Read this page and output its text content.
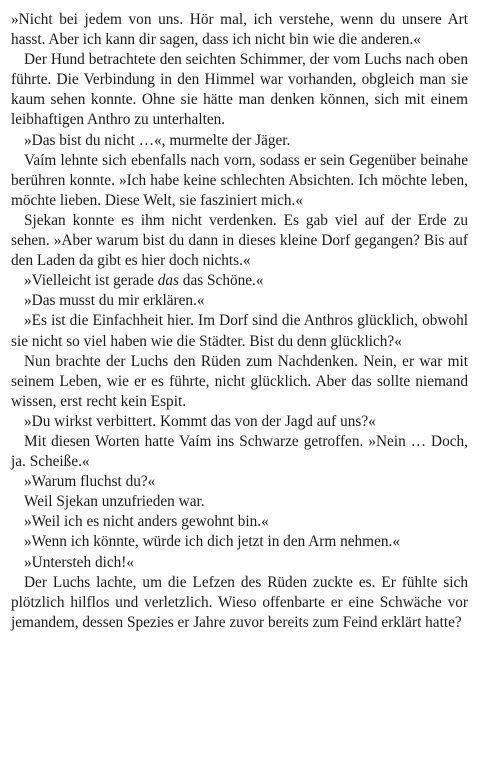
»Nicht bei jedem von uns. Hör mal, ich verstehe, wenn du unsere Art hasst. Aber ich kann dir sagen, dass ich nicht bin wie die anderen.«

Der Hund betrachtete den seichten Schimmer, der vom Luchs nach oben führte. Die Verbindung in den Himmel war vorhanden, obgleich man sie kaum sehen konnte. Ohne sie hätte man denken können, sich mit einem leibhaftigen Anthro zu unterhalten.

»Das bist du nicht …«, murmelte der Jäger.

Vaím lehnte sich ebenfalls nach vorn, sodass er sein Gegenüber beinahe berühren konnte. »Ich habe keine schlechten Absichten. Ich möchte leben, möchte lieben. Diese Welt, sie fasziniert mich.«

Sjekan konnte es ihm nicht verdenken. Es gab viel auf der Erde zu sehen. »Aber warum bist du dann in dieses kleine Dorf gegangen? Bis auf den Laden da gibt es hier doch nichts.«

»Vielleicht ist gerade das das Schöne.«

»Das musst du mir erklären.«

»Es ist die Einfachheit hier. Im Dorf sind die Anthros glücklich, obwohl sie nicht so viel haben wie die Städter. Bist du denn glücklich?«

Nun brachte der Luchs den Rüden zum Nachdenken. Nein, er war mit seinem Leben, wie er es führte, nicht glücklich. Aber das sollte niemand wissen, erst recht kein Espit.

»Du wirkst verbittert. Kommt das von der Jagd auf uns?«

Mit diesen Worten hatte Vaím ins Schwarze getroffen. »Nein … Doch, ja. Scheiße.«

»Warum fluchst du?«

Weil Sjekan unzufrieden war.

»Weil ich es nicht anders gewohnt bin.«

»Wenn ich könnte, würde ich dich jetzt in den Arm nehmen.«

»Untersteh dich!«

Der Luchs lachte, um die Lefzen des Rüden zuckte es. Er fühlte sich plötzlich hilflos und verletzlich. Wieso offenbarte er eine Schwäche vor jemandem, dessen Spezies er Jahre zuvor bereits zum Feind erklärt hatte?
